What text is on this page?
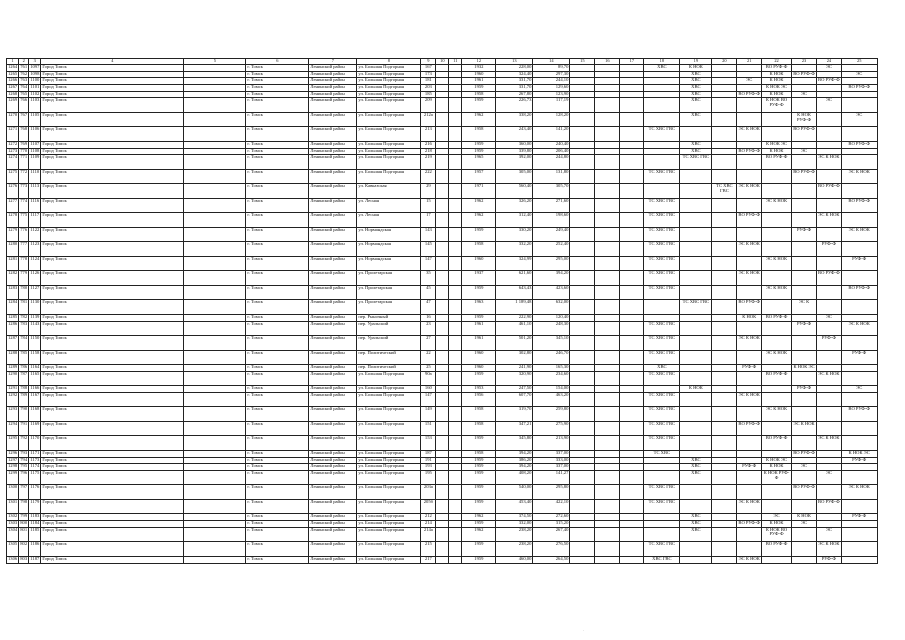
1	2	3	4	5	6	7	8	9	10	11	12	13	14	15	16	17	18	19	20	21	22	23	24	25
1264	761	1097	Город Томск		г. Томск	Ленинский район	ул. Большая Подгорная	167			1932	228,00	89,70				ХВС	К НОК			ВО РУФ-Ф		ЭС	
1265	762	1098	Город Томск		г. Томск	Ленинский район	ул. Большая Подгорная	173			1960	324,40	297,30					ХВС			К НОК	ВО РУФ-Ф		ЭС
1266	763	1100	Город Томск		г. Томск	Ленинский район	ул. Большая Подгорная	181			1961	331,70	244,10					ХВС		ЭС	К НОК		ВО РУФ-Ф	
1267	764	1101	Город Томск		г. Томск	Ленинский район	ул. Большая Подгорная	203			1959	331,70	129,60					ХВС			К НОК ЭС			ВО РУФ-Ф
1268	765	1102	Город Томск		г. Томск	Ленинский район	ул. Большая Подгорная	185			1958	267,80	123,90					ХВС		ВО РУФ-Ф	К НОК	ЭС		
1269	766	1103	Город Томск		г. Томск	Ленинский район	ул. Большая Подгорная	209			1959	226,73	117,19					ХВС			К НОК ВО РУФ-Ф		ЭС	
1270	767	1105	Город Томск		г. Томск	Ленинский район	ул. Большая Подгорная	212а			1962	338,20	128,20					ХВС				К НОК РУФ-Ф		ЭС
1271	768	1106	Город Томск		г. Томск	Ленинский район	ул. Большая Подгорная	213			1958	243,40	141,20				ТС ХВС ГВС			ЭС К НОК		ВО РУФ-Ф		
1272	769	1107	Город Томск		г. Томск	Ленинский район	ул. Большая Подгорная	216			1959	360,00	240,40					ХВС			К НОК ЭС			ВО РУФ-Ф
1273	770	1108	Город Томск		г. Томск	Ленинский район	ул. Большая Подгорная	218			1959	339,80	206,40					ХВС		ВО РУФ-Ф	К НОК	ЭС		
1274	771	1109	Город Томск		г. Томск	Ленинский район	ул. Большая Подгорная	219			1965	392,00	244,80					ТС ХВС ГВС			ВО РУФ-Ф		ЭС К НОК	
1275	772	1110	Город Томск		г. Томск	Ленинский район	ул. Большая Подгорная	222			1957	305,00	131,80				ТС ХВС ГВС					ВО РУФ-Ф		ЭС К НОК
1276	773	1113	Город Томск		г. Томск	Ленинский район	ул. Кавказская	29			1971	560,40	305,70						ТС ХВС ГВС	ЭС К НОК			ВО РУФ-Ф	
1277	774	1116	Город Томск		г. Томск	Ленинский район	ул. Лесная	15			1962	326,20	271,60				ТС ХВС ГВС				ЭС К НОК			ВО РУФ-Ф
1278	775	1117	Город Томск		г. Томск	Ленинский район	ул. Лесная	17			1962	312,40	198,60				ТС ХВС ГВС			ВО РУФ-Ф			ЭС К НОК	
1279	776	1122	Город Томск		г. Томск	Ленинский район	ул. Нормандская	143			1959	330,20	249,40				ТС ХВС ГВС					РУФ-Ф		ЭС К НОК
1280	777	1123	Город Томск		г. Томск	Ленинский район	ул. Нормандская	145			1958	332,20	252,40				ТС ХВС ГВС			ЭС К НОК			РУФ-Ф	
1281	778	1124	Город Томск		г. Томск	Ленинский район	ул. Нормандская	147			1960	324,99	295,00				ТС ХВС ГВС				ЭС К НОК			РУФ-Ф
1282	779	1126	Город Томск		г. Томск	Ленинский район	ул. Пролетарская	35			1937	621,60	394,20				ТС ХВС ГВС			ЭС К НОК			ВО РУФ-Ф	
1283	780	1127	Город Томск		г. Томск	Ленинский район	ул. Пролетарская	45			1959	643,43	423,60				ТС ХВС ГВС				ЭС К НОК			ВО РУФ-Ф
1284	781	1130	Город Томск		г. Томск	Ленинский район	ул. Пролетарская	47			1963	1 189,48	632,00					ТС ХВС ГВС		ВО РУФ-Ф		ЭС К		
1285	782	1139	Город Томск		г. Томск	Ленинский район	пер. Рыночный	16			1959	222,90	120,40							К НОК	ВО РУФ-Ф		ЭС	
1286	783	1143	Город Томск		г. Томск	Ленинский район	пер. Уральский	23			1961	461,10	248,30				ТС ХВС ГВС					РУФ-Ф		ЭС К НОК
1287	784	1150	Город Томск		г. Томск	Ленинский район	пер. Уральский	27			1961	501,20	345,10				ТС ХВС ГВС			ЭС К НОК			РУФ-Ф	
1288	785	1158	Город Томск		г. Томск	Ленинский район	пер. Политический	22			1960	302,80	246,70				ТС ХВС ГВС				ЭС К НОК			РУФ-Ф
1289	786	1164	Город Томск		г. Томск	Ленинский район	пер. Политический	25			1960	241,90	165,30				ХВС			РУФ-Ф		К НОК ЭС		
1290	787	1165	Город Томск		г. Томск	Ленинский район	ул. Большая Подгорная	90а			1959	320,90	234,60				ТС ХВС ГВС				ВО РУФ-Ф		ЭС К НОК	
1291	788	1166	Город Томск		г. Томск	Ленинский район	ул. Большая Подгорная	160			1953	247,50	154,00					К НОК				РУФ-Ф		ЭС
1292	789	1167	Город Томск		г. Томск	Ленинский район	ул. Большая Подгорная	147			1956	607,70	463,20				ТС ХВС ГВС			ЭС К НОК				
1293	790	1168	Город Томск		г. Томск	Ленинский район	ул. Большая Подгорная	149			1958	319,70	259,80				ТС ХВС ГВС				ЭС К НОК			ВО РУФ-Ф
1294	791	1169	Город Томск		г. Томск	Ленинский район	ул. Большая Подгорная	151			1958	347,21	275,90				ТС ХВС ГВС			ВО РУФ-Ф		ЭС К НОК		
1295	792	1170	Город Томск		г. Томск	Ленинский район	ул. Большая Подгорная	153			1959	345,80	213,90				ТС ХВС ГВС				ВО РУФ-Ф		ЭС К НОК	
1296	793	1171	Город Томск		г. Томск	Ленинский район	ул. Большая Подгорная	187			1958	394,20	337,00				ТС ХВС					ВО РУФ-Ф		К НОК ЭС
1297	794	1173	Город Томск		г. Томск	Ленинский район	ул. Большая Подгорная	191			1959	386,20	333,00					ХВС			К НОК ЭС			РУФ-Ф
1298	795	1174	Город Томск		г. Томск	Ленинский район	ул. Большая Подгорная	193			1959	394,20	337,00					ХВС		РУФ-Ф	К НОК	ЭС		
1299	796	1175	Город Томск		г. Томск	Ленинский район	ул. Большая Подгорная	195			1959	408,20	141,27					ХВС			К НОК РУФ-Ф		ЭС	
1300	797	1176	Город Томск		г. Томск	Ленинский район	ул. Большая Подгорная	203а			1959	540,00	295,80				ТС ХВС ГВС					ВО РУФ-Ф		ЭС К НОК
1301	798	1179	Город Томск		г. Томск	Ленинский район	ул. Большая Подгорная	205б			1959	453,40	422,10				ТС ХВС ГВС			ЭС К НОК			ВО РУФ-Ф	
1302	799	1183	Город Томск		г. Томск	Ленинский район	ул. Большая Подгорная	212			1962	374,50	272,60					ХВС			ЭС	К НОК		РУФ-Ф
1303	800	1184	Город Томск		г. Томск	Ленинский район	ул. Большая Подгорная	214			1959	332,00	315,20					ХВС		ВО РУФ-Ф	К НОК	ЭС		
1304	801	1185	Город Томск		г. Томск	Ленинский район	ул. Большая Подгорная	214а			1962	238,20	267,40					ХВС			К НОК ВО РУФ-Ф		ЭС	
1305	802	1186	Город Томск		г. Томск	Ленинский район	ул. Большая Подгорная	215			1959	238,20	276,50				ТС ХВС ГВС				ВО РУФ-Ф		ЭС К НОК	
1306	803	1187	Город Томск		г. Томск	Ленинский район	ул. Большая Подгорная	217			1959	460,00	264,50				ХВС ГВС			ЭС К НОК			РУФ-Ф	
·
